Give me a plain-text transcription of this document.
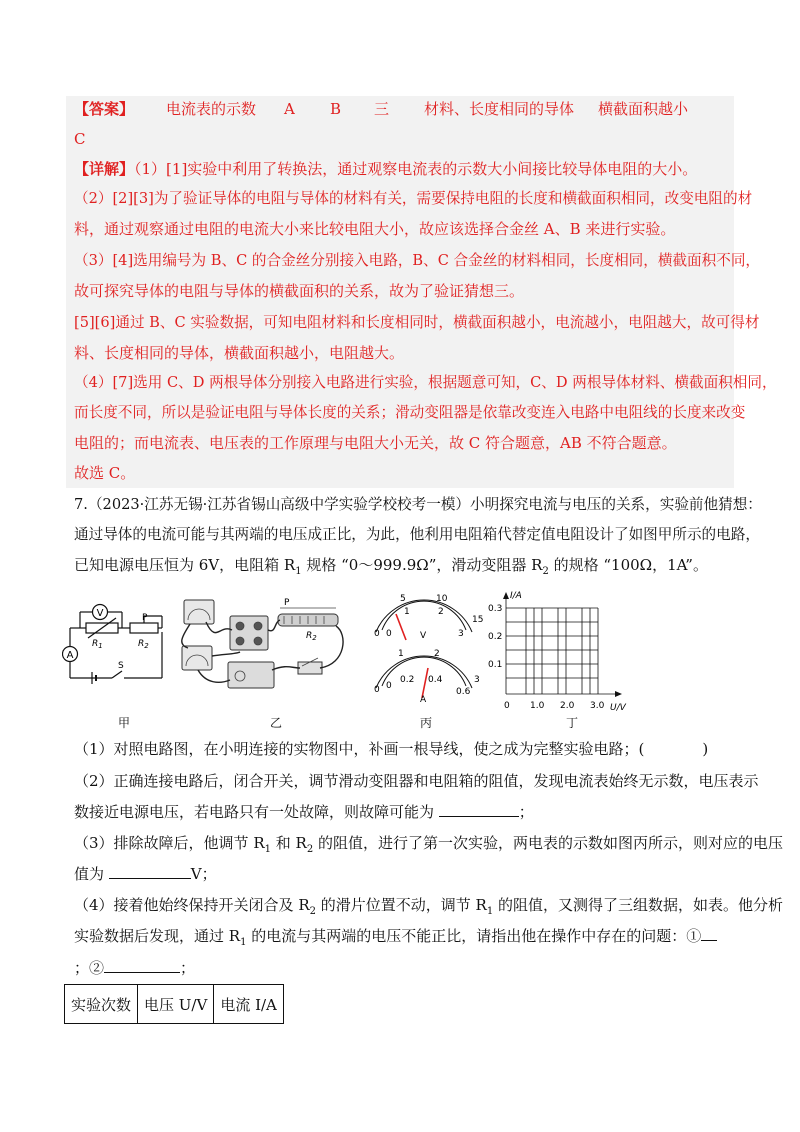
【答案】 电流表的示数 A B 三 材料、长度相同的导体 横截面积越小
C
【详解】（1）[1]实验中利用了转换法，通过观察电流表的示数大小间接比较导体电阻的大小。
（2）[2][3]为了验证导体的电阻与导体的材料有关，需要保持电阻的长度和横截面积相同，改变电阻的材
料，通过观察通过电阻的电流大小来比较电阻大小，故应该选择合金丝 A、B 来进行实验。
（3）[4]选用编号为 B、C 的合金丝分别接入电路，B、C 合金丝的材料相同，长度相同，横截面积不同，
故可探究导体的电阻与导体的横截面积的关系，故为了验证猜想三。
[5][6]通过 B、C 实验数据，可知电阻材料和长度相同时，横截面积越小，电流越小，电阻越大，故可得材
料、长度相同的导体，横截面积越小，电阻越大。
（4）[7]选用 C、D 两根导体分别接入电路进行实验，根据题意可知，C、D 两根导体材料、横截面积相同，
而长度不同，所以是验证电阻与导体长度的关系；滑动变阻器是依靠改变连入电路中电阻线的长度来改变
电阻的；而电流表、电压表的工作原理与电阻大小无关，故 C 符合题意，AB 不符合题意。
故选 C。
7.（2023·江苏无锡·江苏省锡山高级中学实验学校校考一模）小明探究电流与电压的关系，实验前他猜想：
通过导体的电流可能与其两端的电压成正比，为此，他利用电阻箱代替定值电阻设计了如图甲所示的电路，
已知电源电压恒为 6V，电阻箱 $R_1$ 规格 “0～999.9Ω”，滑动变阻器 $R_2$ 的规格 “100Ω，1A”。
V
A
P
$R_1$	$R_2$
S
P
$R_2$	0
5	10
15
0
1	2
3
V
0
1	2
3
0
0.2 0.4
0.6
A
I/A
0.3
0.2
0.1
0 1.0 2.0 3.0 U/V
甲	乙	丙	丁
（1）对照电路图，在小明连接的实物图中，补画一根导线，使之成为完整实验电路；(	)
（2）正确连接电路后，闭合开关，调节滑动变阻器和电阻箱的阻值，发现电流表始终无示数，电压表示
数接近电源电压，若电路只有一处故障，则故障可能为	；
（3）排除故障后，他调节 $R_1$ 和 $R_2$ 的阻值，进行了第一次实验，两电表的示数如图丙所示，则对应的电压
值为	V；
（4）接着他始终保持开关闭合及 $R_2$ 的滑片位置不动，调节 $R_1$ 的阻值，又测得了三组数据，如表。他分析
实验数据后发现，通过 $R_1$ 的电流与其两端的电压不能正比，请指出他在操作中存在的问题：①
；②	；
实验次数	电压 U/V	电流 I/A
